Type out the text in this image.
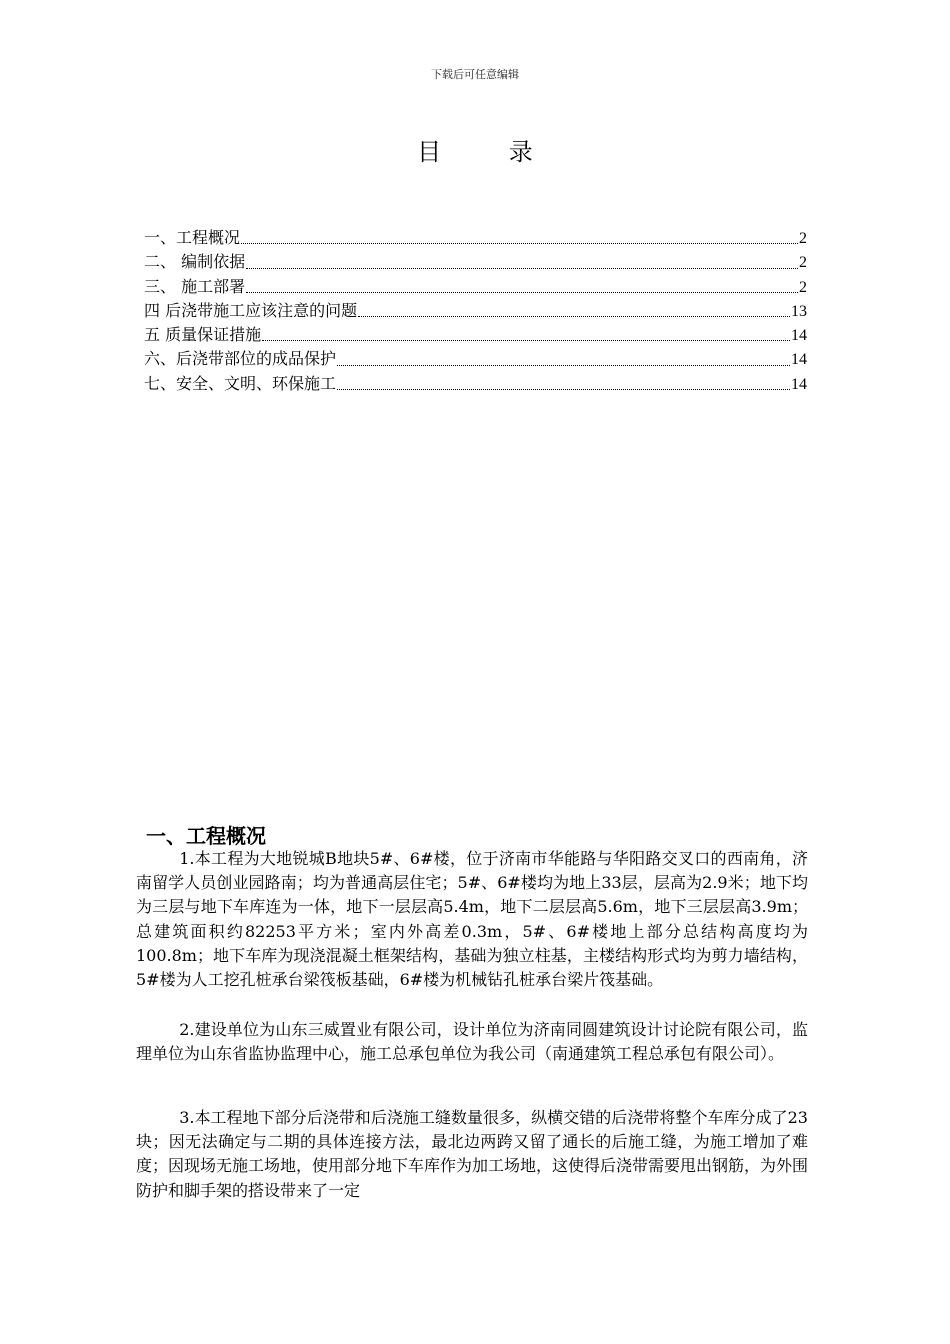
下载后可任意编辑
目 录
一、工程概况	2
二、 编制依据	2
三、 施工部署	2
四 后浇带施工应该注意的问题	13
五 质量保证措施	14
六、后浇带部位的成品保护	14
七、安全、文明、环保施工	14
一、工程概况

1.本工程为大地锐城B地块5#、6#楼，位于济南市华能路与华阳路交叉口的西南角，济南留学人员创业园路南；均为普通高层住宅；5#、6#楼均为地上33层，层高为2.9米；地下均为三层与地下车库连为一体，地下一层层高5.4m，地下二层层高5.6m，地下三层层高3.9m；总建筑面积约82253平方米；室内外高差0.3m，5#、6#楼地上部分总结构高度均为100.8m；地下车库为现浇混凝土框架结构，基础为独立柱基，主楼结构形式均为剪力墙结构，5#楼为人工挖孔桩承台梁筏板基础，6#楼为机械钻孔桩承台梁片筏基础。

2.建设单位为山东三威置业有限公司，设计单位为济南同圆建筑设计讨论院有限公司，监理单位为山东省监协监理中心，施工总承包单位为我公司（南通建筑工程总承包有限公司）。

3.本工程地下部分后浇带和后浇施工缝数量很多，纵横交错的后浇带将整个车库分成了23块；因无法确定与二期的具体连接方法，最北边两跨又留了通长的后施工缝，为施工增加了难度；因现场无施工场地，使用部分地下车库作为加工场地，这使得后浇带需要甩出钢筋，为外围防护和脚手架的搭设带来了一定
